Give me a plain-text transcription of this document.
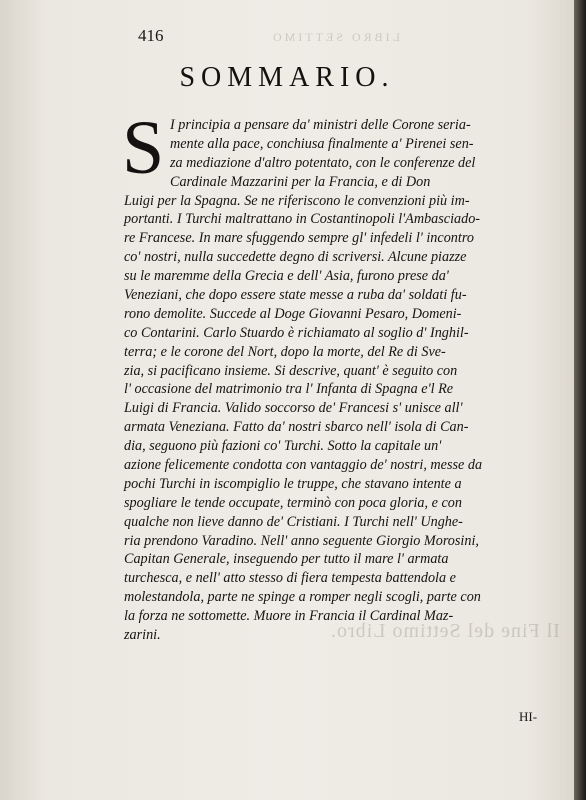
LIBRO SETTIMO
Il Fine del Settimo Libro.
416
SOMMARIO.
S I principia a pensare da' ministri delle Corone seria-
mente alla pace, conchiusa finalmente a' Pirenei sen-
za mediazione d'altro potentato, con le conferenze del
Cardinale Mazzarini per la Francia, e di Don
Luigi per la Spagna. Se ne riferiscono le convenzioni più im-
portanti. I Turchi maltrattano in Costantinopoli l'Ambasciado-
re Francese. In mare sfuggendo sempre gl' infedeli l' incontro
co' nostri, nulla succedette degno di scriversi. Alcune piazze
su le maremme della Grecia e dell' Asia, furono prese da'
Veneziani, che dopo essere state messe a ruba da' soldati fu-
rono demolite. Succede al Doge Giovanni Pesaro, Domeni-
co Contarini. Carlo Stuardo è richiamato al soglio d' Inghil-
terra; e le corone del Nort, dopo la morte, del Re di Sve-
zia, si pacificano insieme. Si descrive, quant' è seguito con
l' occasione del matrimonio tra l' Infanta di Spagna e'l Re
Luigi di Francia. Valido soccorso de' Francesi s' unisce all'
armata Veneziana. Fatto da' nostri sbarco nell' isola di Can-
dia, seguono più fazioni co' Turchi. Sotto la capitale un'
azione felicemente condotta con vantaggio de' nostri, messe da
pochi Turchi in iscompiglio le truppe, che stavano intente a
spogliare le tende occupate, terminò con poca gloria, e con
qualche non lieve danno de' Cristiani. I Turchi nell' Unghe-
ria prendono Varadino. Nell' anno seguente Giorgio Morosini,
Capitan Generale, inseguendo per tutto il mare l' armata
turchesca, e nell' atto stesso di fiera tempesta battendola e
molestandola, parte ne spinge a romper negli scogli, parte con
la forza ne sottomette. Muore in Francia il Cardinal Maz-
zarini.
HI-
